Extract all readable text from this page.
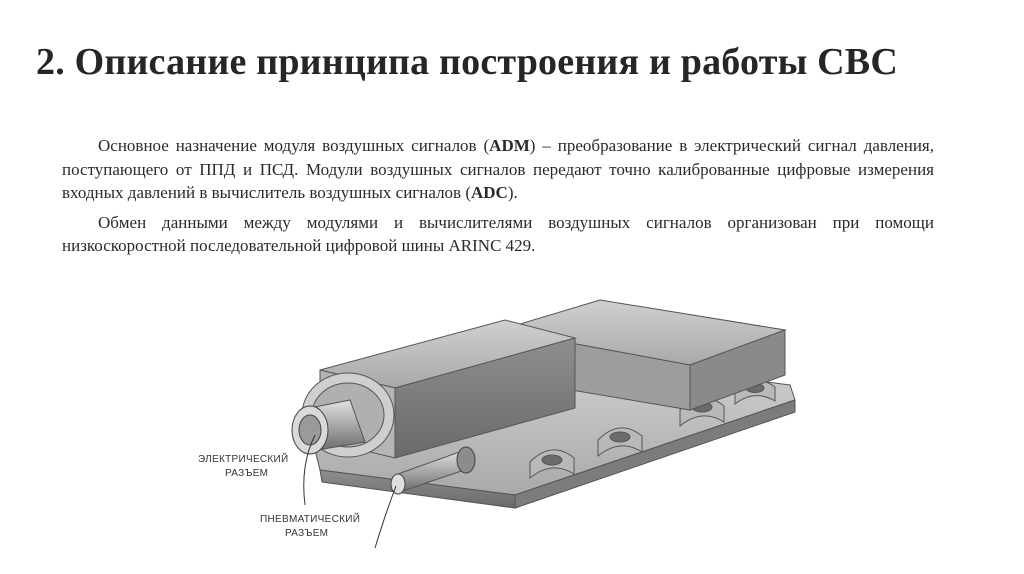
2. Описание принципа построения и работы СВС

Основное назначение модуля воздушных сигналов (ADM) – преобразование в электрический сигнал давления, поступающего от ППД и ПСД. Модули воздушных сигналов передают точно калиброванные цифровые измерения входных давлений в вычислитель воздушных сигналов (ADC).

Обмен данными между модулями и вычислителями воздушных сигналов организован при помощи низкоскоростной последовательной цифровой шины ARINC 429.

ЭЛЕКТРИЧЕСКИЙ
РАЗЪЕМ
ПНЕВМАТИЧЕСКИЙ
РАЗЪЕМ
